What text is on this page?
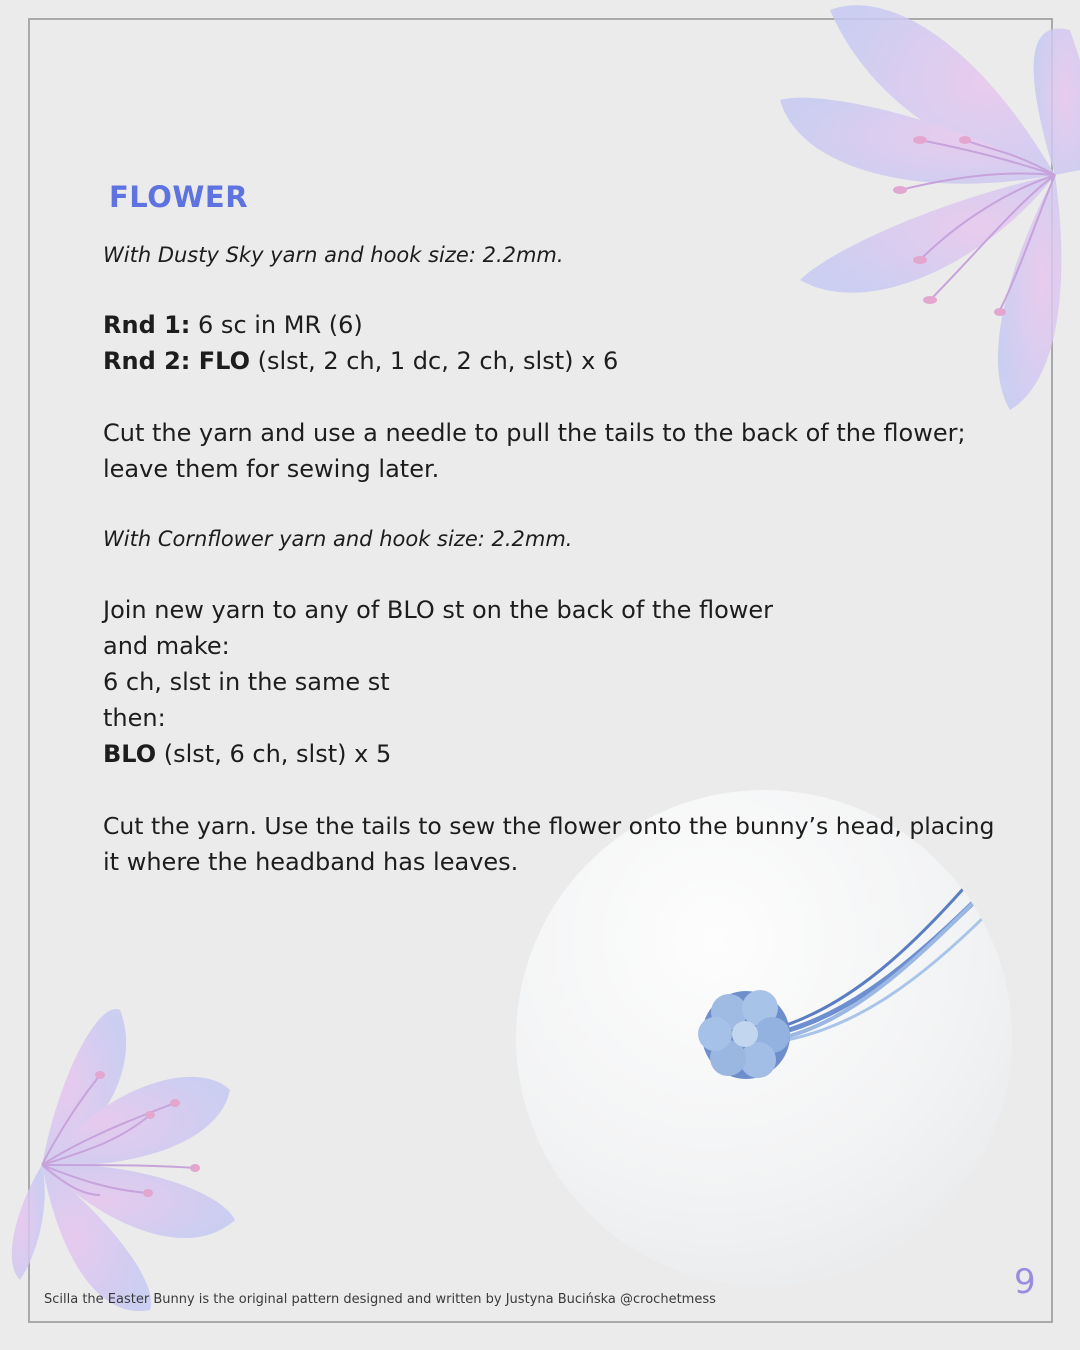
FLOWER

With Dusty Sky yarn and hook size: 2.2mm.

Rnd 1: 6 sc in MR (6)

Rnd 2: FLO (slst, 2 ch, 1 dc, 2 ch, slst) x 6

Cut the yarn and use a needle to pull the tails to the back of the flower;

leave them for sewing later.

With Cornflower yarn and hook size: 2.2mm.

Join new yarn to any of BLO st on the back of the flower

and make:

6 ch, slst in the same st

then:

BLO (slst, 6 ch, slst) x 5

Cut the yarn. Use the tails to sew the flower onto the bunny’s head, placing

it where the headband has leaves.

Scilla the Easter Bunny is the original pattern designed and written by Justyna Bucińska @crochetmess	9
